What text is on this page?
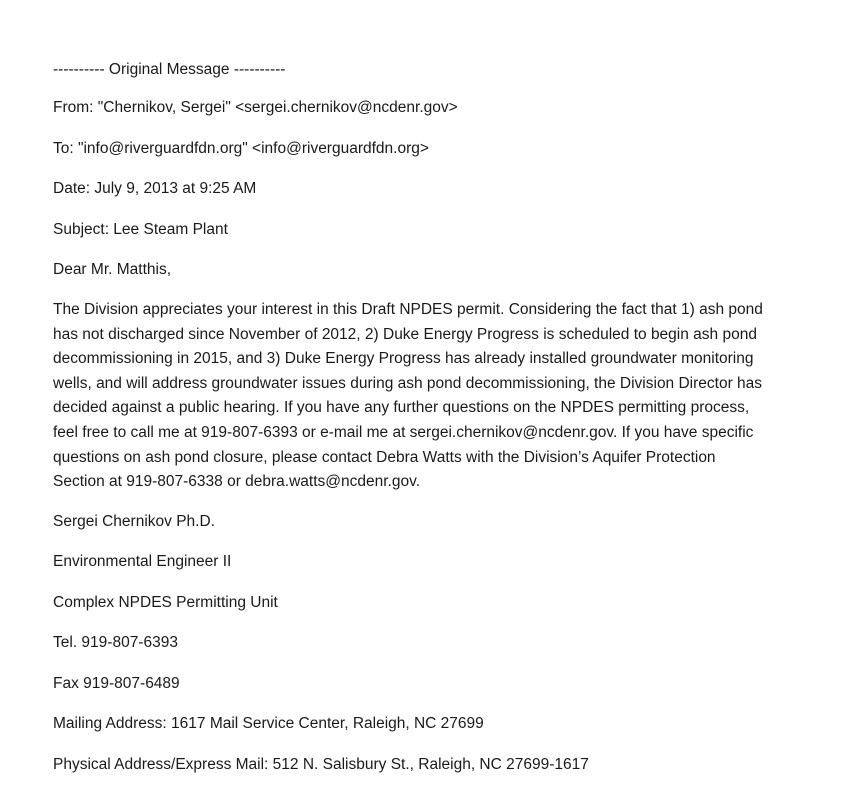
---------- Original Message ----------
From: "Chernikov, Sergei" <sergei.chernikov@ncdenr.gov>
To: "info@riverguardfdn.org" <info@riverguardfdn.org>
Date: July 9, 2013 at 9:25 AM
Subject: Lee Steam Plant
Dear Mr. Matthis,
The Division appreciates your interest in this Draft NPDES permit. Considering the fact that 1) ash pond
has not discharged since November of 2012, 2) Duke Energy Progress is scheduled to begin ash pond
decommissioning in 2015, and 3) Duke Energy Progress has already installed groundwater monitoring
wells, and will address groundwater issues during ash pond decommissioning, the Division Director has
decided against a public hearing. If you have any further questions on the NPDES permitting process,
feel free to call me at 919-807-6393 or e-mail me at sergei.chernikov@ncdenr.gov. If you have specific
questions on ash pond closure, please contact Debra Watts with the Division’s Aquifer Protection
Section at 919-807-6338 or debra.watts@ncdenr.gov.
Sergei Chernikov Ph.D.
Environmental Engineer II
Complex NPDES Permitting Unit
Tel. 919-807-6393
Fax 919-807-6489
Mailing Address: 1617 Mail Service Center, Raleigh, NC 27699
Physical Address/Express Mail: 512 N. Salisbury St., Raleigh, NC 27699-1617
